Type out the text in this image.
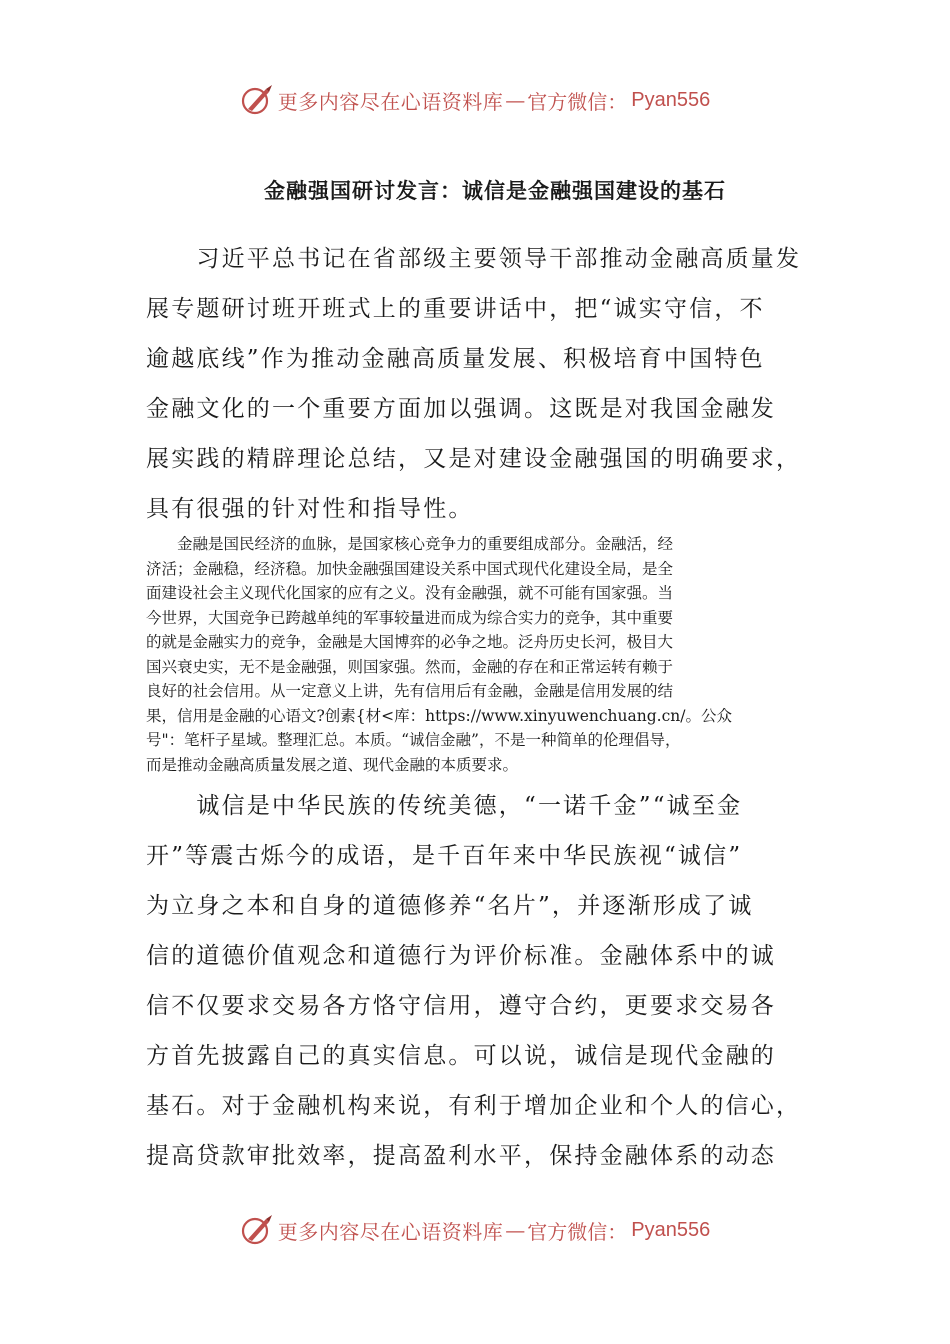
更多内容尽在心语资料库 — 官方微信： Pyan556
金融强国研讨发言：诚信是金融强国建设的基石
　　习近平总书记在省部级主要领导干部推动金融高质量发
展专题研讨班开班式上的重要讲话中，把“诚实守信，不
逾越底线”作为推动金融高质量发展、积极培育中国特色
金融文化的一个重要方面加以强调。这既是对我国金融发
展实践的精辟理论总结，又是对建设金融强国的明确要求，
具有很强的针对性和指导性。
　　金融是国民经济的血脉，是国家核心竞争力的重要组成部分。金融活，经
济活；金融稳，经济稳。加快金融强国建设关系中国式现代化建设全局，是全
面建设社会主义现代化国家的应有之义。没有金融强，就不可能有国家强。当
今世界，大国竞争已跨越单纯的军事较量进而成为综合实力的竞争，其中重要
的就是金融实力的竞争，金融是大国博弈的必争之地。泛舟历史长河，极目大
国兴衰史实，无不是金融强，则国家强。然而，金融的存在和正常运转有赖于
良好的社会信用。从一定意义上讲，先有信用后有金融，金融是信用发展的结
果，信用是金融的心语文?创素{材<库：https://www.xinyuwenchuang.cn/。公众
号"：笔杆子星域。整理汇总。本质。“诚信金融”，不是一种简单的伦理倡导，
而是推动金融高质量发展之道、现代金融的本质要求。
　　诚信是中华民族的传统美德，“一诺千金”“诚至金
开”等震古烁今的成语，是千百年来中华民族视“诚信”
为立身之本和自身的道德修养“名片”，并逐渐形成了诚
信的道德价值观念和道德行为评价标准。金融体系中的诚
信不仅要求交易各方恪守信用，遵守合约，更要求交易各
方首先披露自己的真实信息。可以说，诚信是现代金融的
基石。对于金融机构来说，有利于增加企业和个人的信心，
提高贷款审批效率，提高盈利水平，保持金融体系的动态
更多内容尽在心语资料库 — 官方微信： Pyan556
